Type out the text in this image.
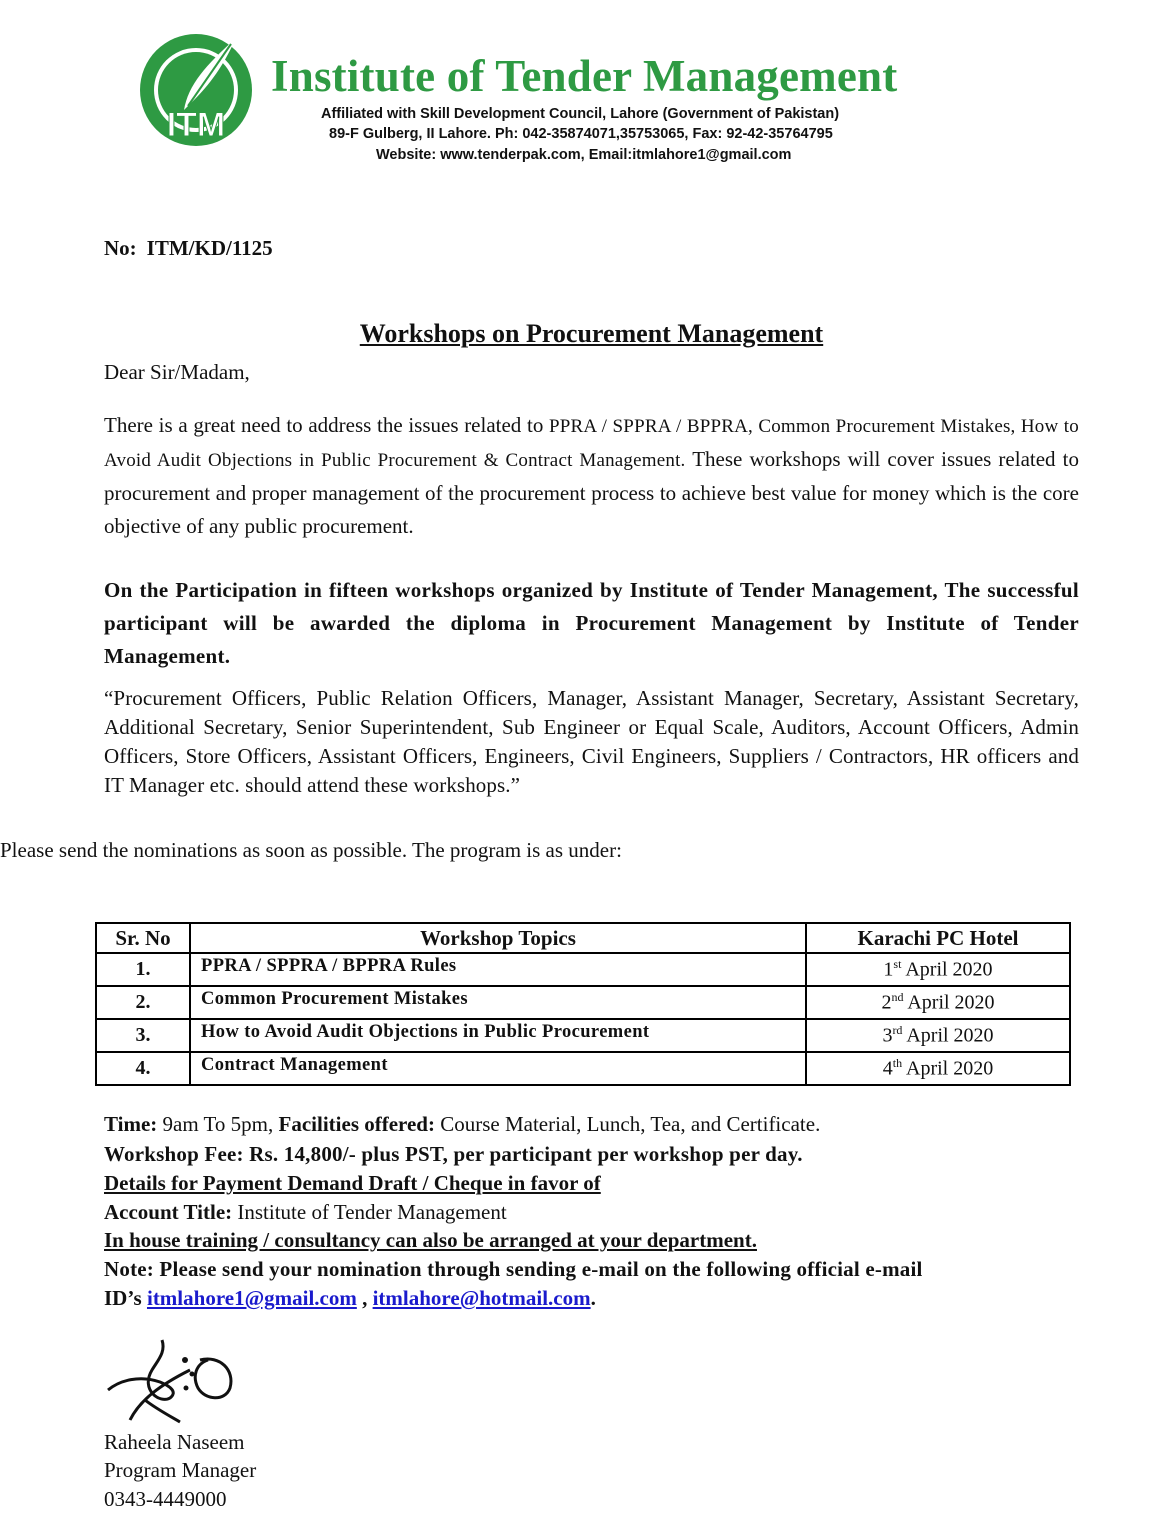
ITM
Institute of Tender Management
Affiliated with Skill Development Council, Lahore (Government of Pakistan)
89-F Gulberg, II Lahore. Ph: 042-35874071,35753065, Fax: 92-42-35764795
Website: www.tenderpak.com, Email:itmlahore1@gmail.com
No: ITM/KD/1125
Workshops on Procurement Management
Dear Sir/Madam,
There is a great need to address the issues related to PPRA / SPPRA / BPPRA, Common Procurement Mistakes, How to Avoid Audit Objections in Public Procurement & Contract Management. These workshops will cover issues related to procurement and proper management of the procurement process to achieve best value for money which is the core objective of any public procurement.
On the Participation in fifteen workshops organized by Institute of Tender Management, The successful participant will be awarded the diploma in Procurement Management by Institute of Tender Management.
“Procurement Officers, Public Relation Officers, Manager, Assistant Manager, Secretary, Assistant Secretary, Additional Secretary, Senior Superintendent, Sub Engineer or Equal Scale, Auditors, Account Officers, Admin Officers, Store Officers, Assistant Officers, Engineers, Civil Engineers, Suppliers / Contractors, HR officers and IT Manager etc. should attend these workshops.”
Please send the nominations as soon as possible. The program is as under:
Sr. No	Workshop Topics	Karachi PC Hotel
1.	PPRA / SPPRA / BPPRA Rules	1st April 2020
2.	Common Procurement Mistakes	2nd April 2020
3.	How to Avoid Audit Objections in Public Procurement	3rd April 2020
4.	Contract Management	4th April 2020
Time: 9am To 5pm, Facilities offered: Course Material, Lunch, Tea, and Certificate.
Workshop Fee: Rs. 14,800/- plus PST, per participant per workshop per day.
Details for Payment Demand Draft / Cheque in favor of
Account Title: Institute of Tender Management
In house training / consultancy can also be arranged at your department.
Note: Please send your nomination through sending e-mail on the following official e-mail
ID’s itmlahore1@gmail.com , itmlahore@hotmail.com.
Raheela Naseem
Program Manager
0343-4449000
